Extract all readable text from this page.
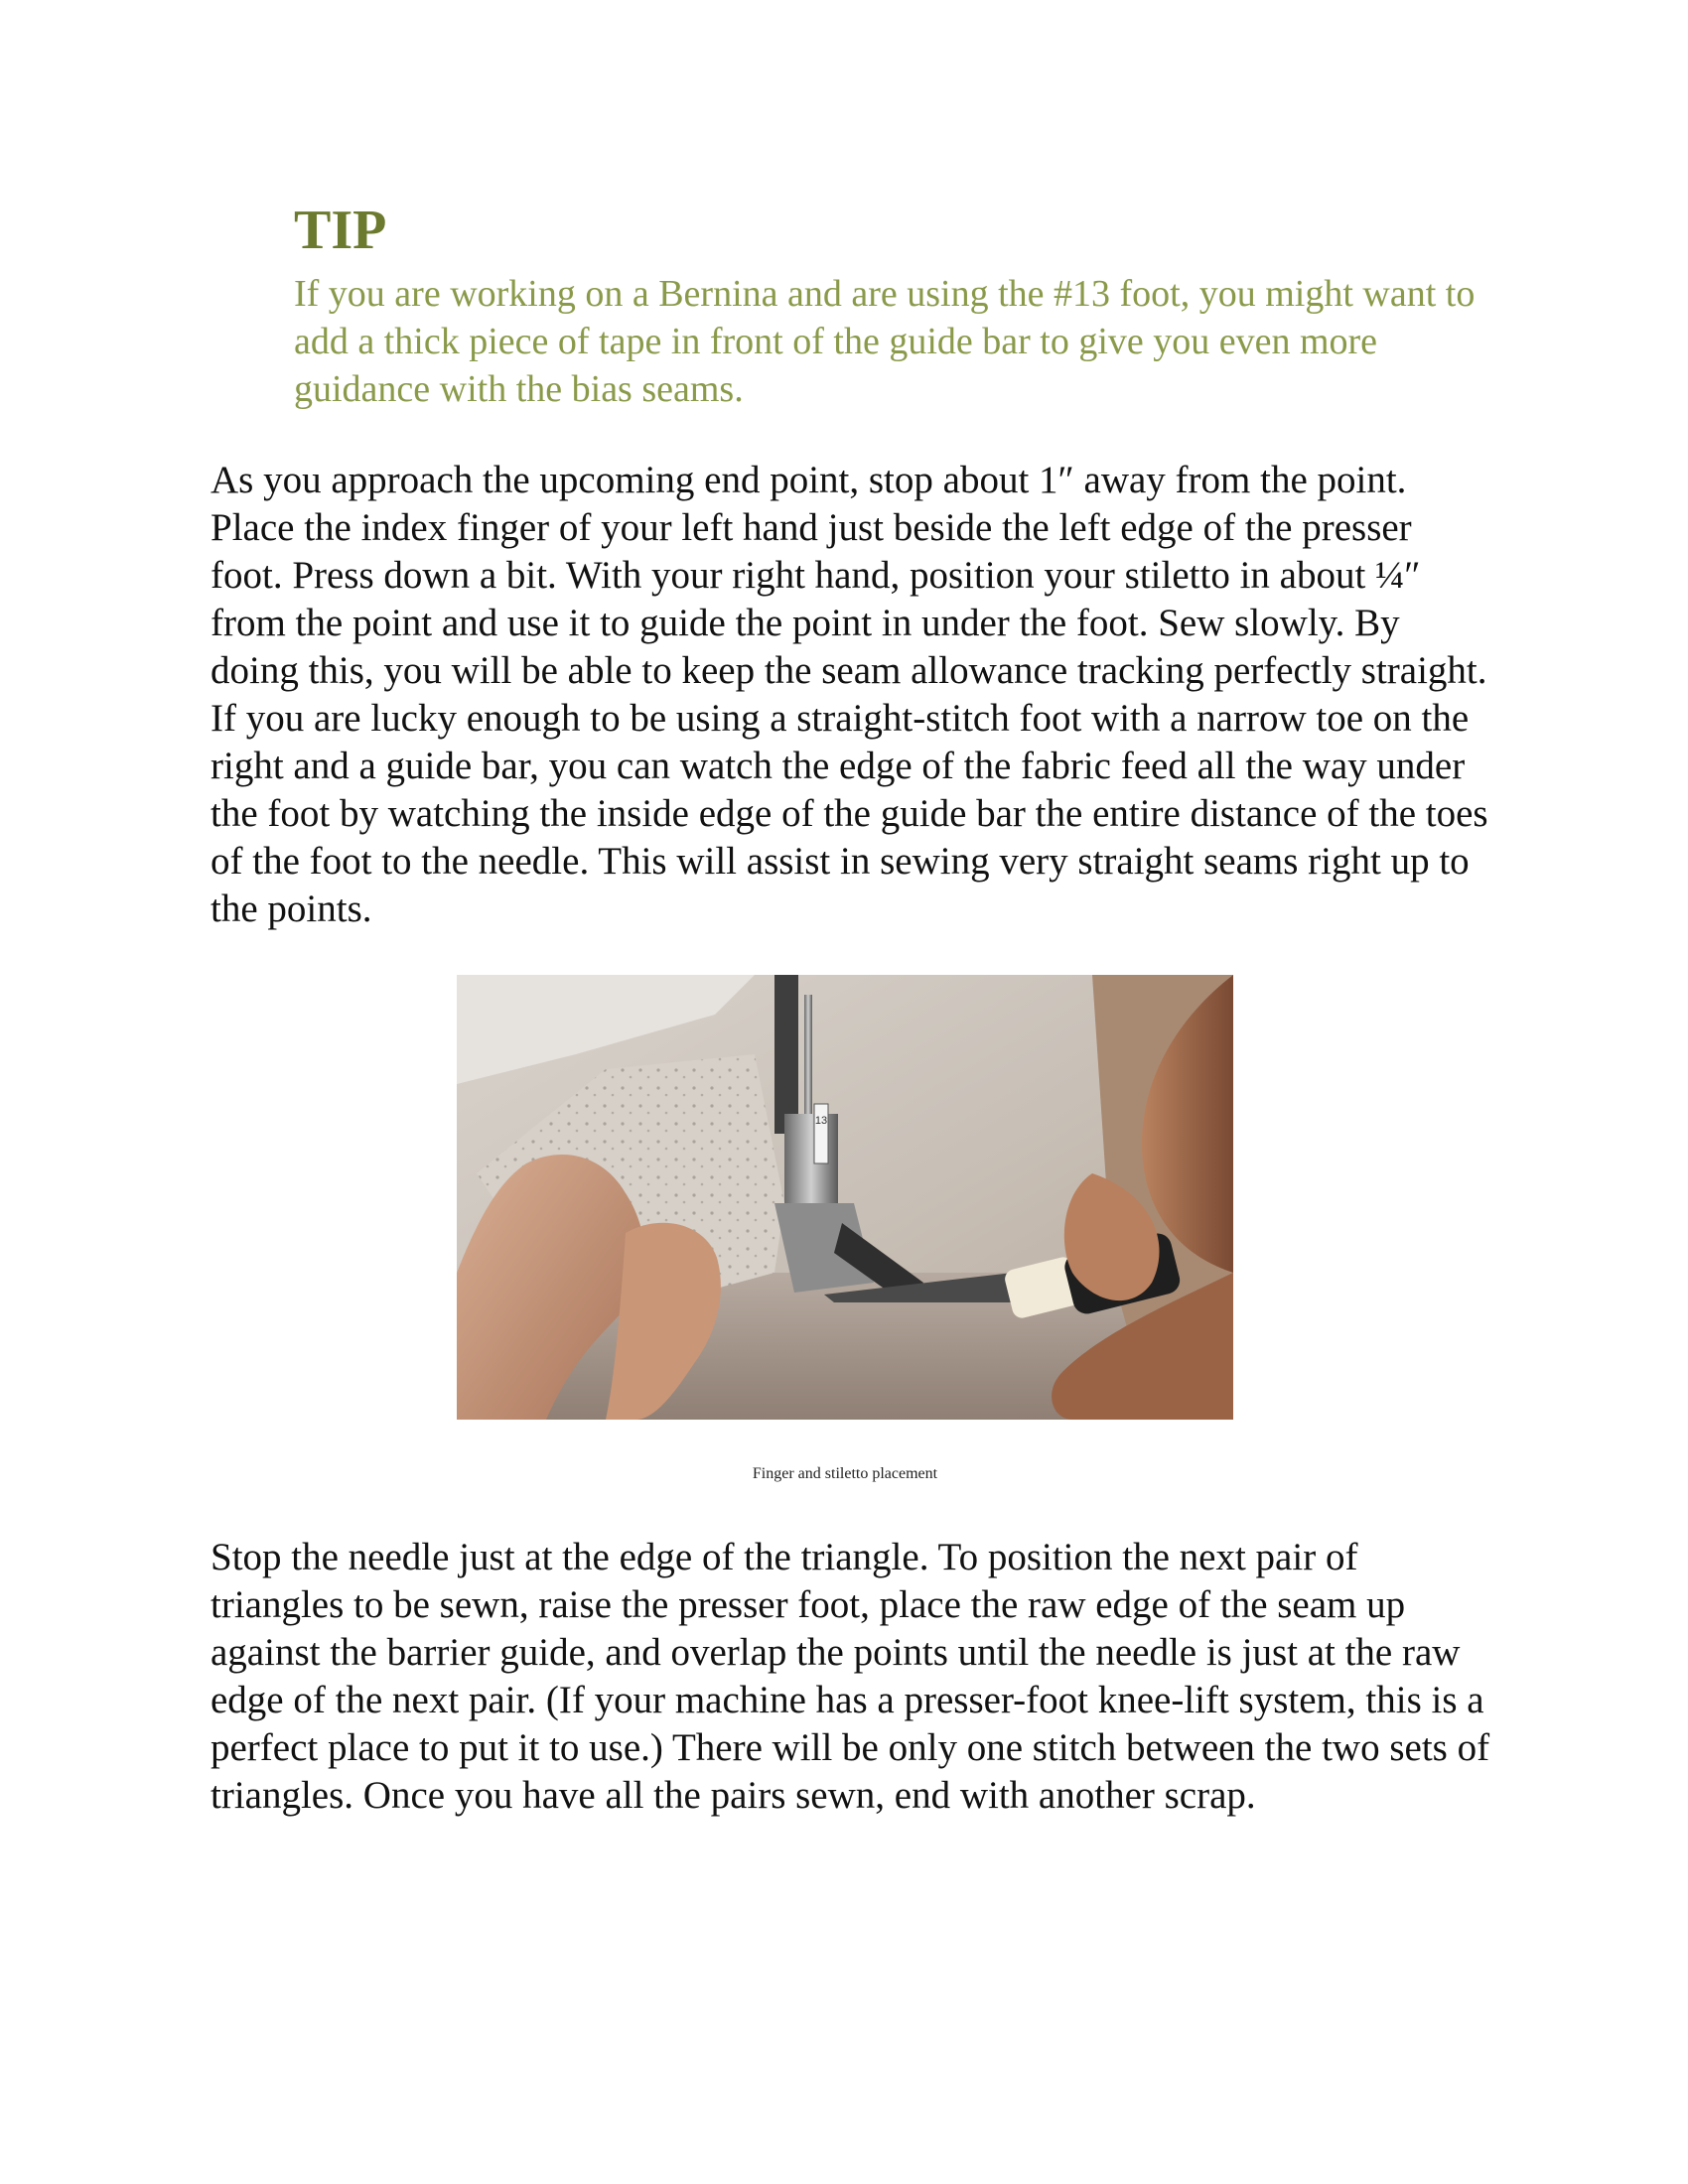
TIP

If you are working on a Bernina and are using the #13 foot, you might want to add a thick piece of tape in front of the guide bar to give you even more guidance with the bias seams.

As you approach the upcoming end point, stop about 1″ away from the point. Place the index finger of your left hand just beside the left edge of the presser foot. Press down a bit. With your right hand, position your stiletto in about ¼″ from the point and use it to guide the point in under the foot. Sew slowly. By doing this, you will be able to keep the seam allowance tracking perfectly straight. If you are lucky enough to be using a straight-stitch foot with a narrow toe on the right and a guide bar, you can watch the edge of the fabric feed all the way under the foot by watching the inside edge of the guide bar the entire distance of the toes of the foot to the needle. This will assist in sewing very straight seams right up to the points.

13
Finger and stiletto placement

Stop the needle just at the edge of the triangle. To position the next pair of triangles to be sewn, raise the presser foot, place the raw edge of the seam up against the barrier guide, and overlap the points until the needle is just at the raw edge of the next pair. (If your machine has a presser-foot knee-lift system, this is a perfect place to put it to use.) There will be only one stitch between the two sets of triangles. Once you have all the pairs sewn, end with another scrap.
